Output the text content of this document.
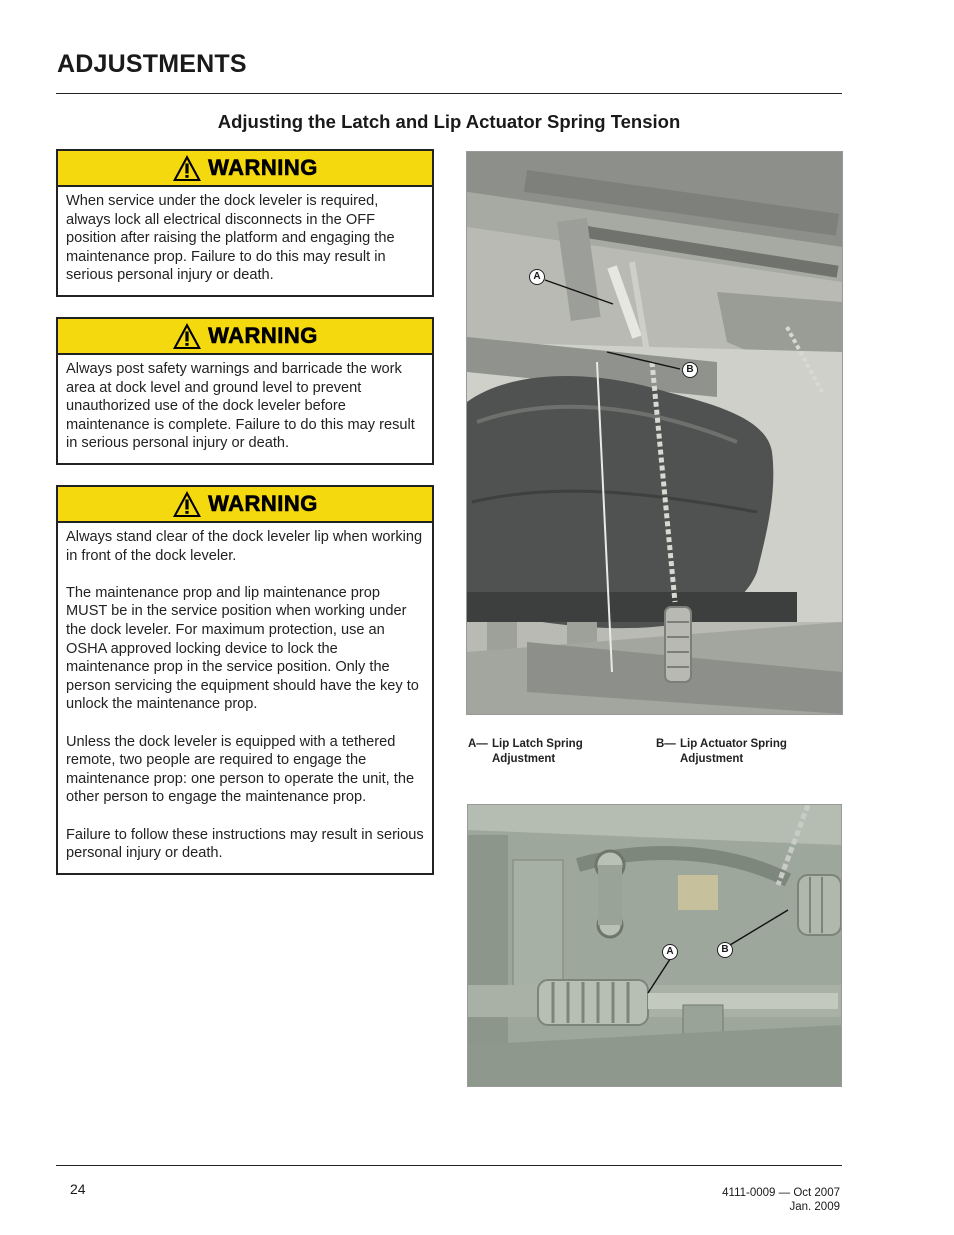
ADJUSTMENTS
Adjusting the Latch and Lip Actuator Spring Tension
WARNING

When service under the dock leveler is required, always lock all electrical disconnects in the OFF position after raising the platform and engaging the maintenance prop. Failure to do this may result in serious personal injury or death.

WARNING

Always post safety warnings and barricade the work area at dock level and ground level to prevent unauthorized use of the dock leveler before maintenance is complete. Failure to do this may result in serious personal injury or death.

WARNING

Always stand clear of the dock leveler lip when working in front of the dock leveler.

The maintenance prop and lip maintenance prop MUST be in the service position when working under the dock leveler. For maximum protection, use an OSHA approved locking device to lock the maintenance prop in the service position. Only the person servicing the equipment should have the key to unlock the maintenance prop.

Unless the dock leveler is equipped with a tethered remote, two people are required to engage the maintenance prop: one person to operate the unit, the other person to engage the maintenance prop.

Failure to follow these instructions may result in serious personal injury or death.

A
B
A— Lip Latch Spring
Adjustment
B— Lip Actuator Spring
Adjustment
A	B
24	4111-0009 — Oct 2007
Jan. 2009
